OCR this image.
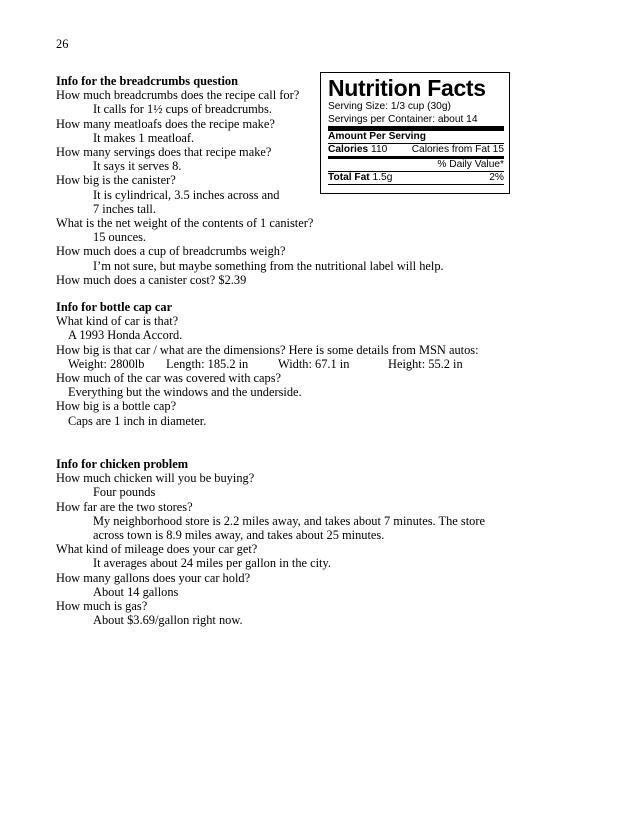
26
Info for the breadcrumbs question
How much breadcrumbs does the recipe call for?
It calls for 1½ cups of breadcrumbs.
How many meatloafs does the recipe make?
It makes 1 meatloaf.
How many servings does that recipe make?
It says it serves 8.
How big is the canister?
It is cylindrical, 3.5 inches across and
7 inches tall.
What is the net weight of the contents of 1 canister?
15 ounces.
How much does a cup of breadcrumbs weigh?
I’m not sure, but maybe something from the nutritional label will help.
How much does a canister cost? $2.39
Nutrition Facts
Serving Size: 1/3 cup (30g)
Servings per Container: about 14
Amount Per Serving
Calories 110 Calories from Fat 15
% Daily Value*
Total Fat 1.5g	2%
Info for bottle cap car
What kind of car is that?
A 1993 Honda Accord.
How big is that car / what are the dimensions? Here is some details from MSN autos:
Weight: 2800lb	Length: 185.2 in	Width: 67.1 in	Height: 55.2 in
How much of the car was covered with caps?
Everything but the windows and the underside.
How big is a bottle cap?
Caps are 1 inch in diameter.
Info for chicken problem
How much chicken will you be buying?
Four pounds
How far are the two stores?
My neighborhood store is 2.2 miles away, and takes about 7 minutes. The store
across town is 8.9 miles away, and takes about 25 minutes.
What kind of mileage does your car get?
It averages about 24 miles per gallon in the city.
How many gallons does your car hold?
About 14 gallons
How much is gas?
About $3.69/gallon right now.
